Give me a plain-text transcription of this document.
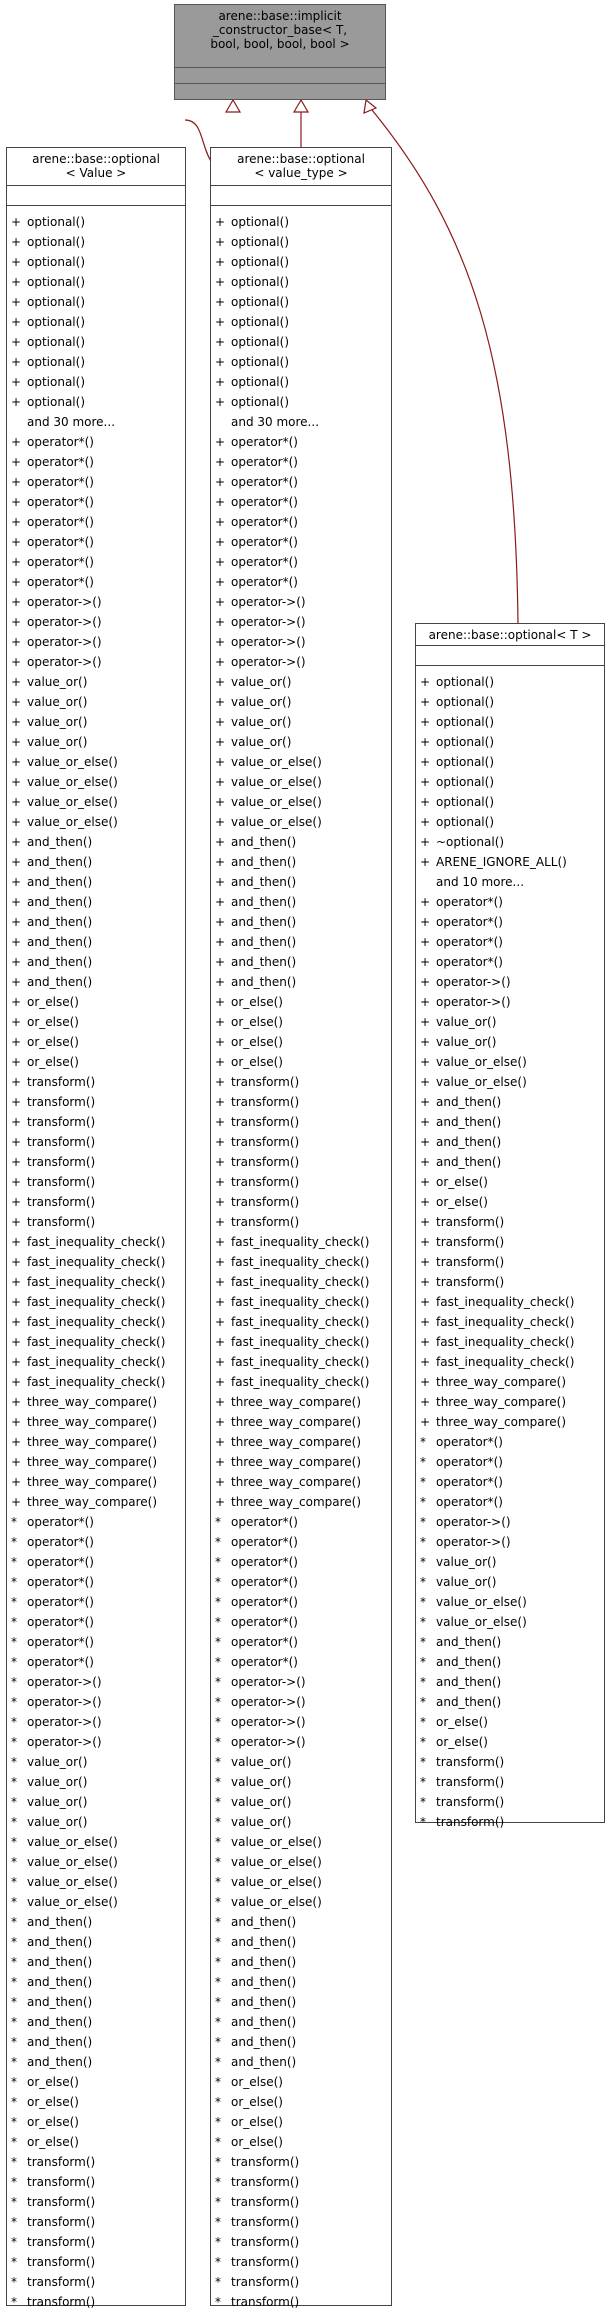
arene::base::implicit
_constructor_base< T,
bool, bool, bool, bool >
arene::base::optional
< Value >
+ optional()
+ optional()
+ optional()
+ optional()
+ optional()
+ optional()
+ optional()
+ optional()
+ optional()
+ optional()
and 30 more...
+ operator*()
+ operator*()
+ operator*()
+ operator*()
+ operator*()
+ operator*()
+ operator*()
+ operator*()
+ operator->()
+ operator->()
+ operator->()
+ operator->()
+ value_or()
+ value_or()
+ value_or()
+ value_or()
+ value_or_else()
+ value_or_else()
+ value_or_else()
+ value_or_else()
+ and_then()
+ and_then()
+ and_then()
+ and_then()
+ and_then()
+ and_then()
+ and_then()
+ and_then()
+ or_else()
+ or_else()
+ or_else()
+ or_else()
+ transform()
+ transform()
+ transform()
+ transform()
+ transform()
+ transform()
+ transform()
+ transform()
+ fast_inequality_check()
+ fast_inequality_check()
+ fast_inequality_check()
+ fast_inequality_check()
+ fast_inequality_check()
+ fast_inequality_check()
+ fast_inequality_check()
+ fast_inequality_check()
+ three_way_compare()
+ three_way_compare()
+ three_way_compare()
+ three_way_compare()
+ three_way_compare()
+ three_way_compare()
* operator*()
* operator*()
* operator*()
* operator*()
* operator*()
* operator*()
* operator*()
* operator*()
* operator->()
* operator->()
* operator->()
* operator->()
* value_or()
* value_or()
* value_or()
* value_or()
* value_or_else()
* value_or_else()
* value_or_else()
* value_or_else()
* and_then()
* and_then()
* and_then()
* and_then()
* and_then()
* and_then()
* and_then()
* and_then()
* or_else()
* or_else()
* or_else()
* or_else()
* transform()
* transform()
* transform()
* transform()
* transform()
* transform()
* transform()
* transform()
arene::base::optional
< value_type >
+ optional()
+ optional()
+ optional()
+ optional()
+ optional()
+ optional()
+ optional()
+ optional()
+ optional()
+ optional()
and 30 more...
+ operator*()
+ operator*()
+ operator*()
+ operator*()
+ operator*()
+ operator*()
+ operator*()
+ operator*()
+ operator->()
+ operator->()
+ operator->()
+ operator->()
+ value_or()
+ value_or()
+ value_or()
+ value_or()
+ value_or_else()
+ value_or_else()
+ value_or_else()
+ value_or_else()
+ and_then()
+ and_then()
+ and_then()
+ and_then()
+ and_then()
+ and_then()
+ and_then()
+ and_then()
+ or_else()
+ or_else()
+ or_else()
+ or_else()
+ transform()
+ transform()
+ transform()
+ transform()
+ transform()
+ transform()
+ transform()
+ transform()
+ fast_inequality_check()
+ fast_inequality_check()
+ fast_inequality_check()
+ fast_inequality_check()
+ fast_inequality_check()
+ fast_inequality_check()
+ fast_inequality_check()
+ fast_inequality_check()
+ three_way_compare()
+ three_way_compare()
+ three_way_compare()
+ three_way_compare()
+ three_way_compare()
+ three_way_compare()
* operator*()
* operator*()
* operator*()
* operator*()
* operator*()
* operator*()
* operator*()
* operator*()
* operator->()
* operator->()
* operator->()
* operator->()
* value_or()
* value_or()
* value_or()
* value_or()
* value_or_else()
* value_or_else()
* value_or_else()
* value_or_else()
* and_then()
* and_then()
* and_then()
* and_then()
* and_then()
* and_then()
* and_then()
* and_then()
* or_else()
* or_else()
* or_else()
* or_else()
* transform()
* transform()
* transform()
* transform()
* transform()
* transform()
* transform()
* transform()
arene::base::optional< T >
+ optional()
+ optional()
+ optional()
+ optional()
+ optional()
+ optional()
+ optional()
+ optional()
+ ~optional()
+ ARENE_IGNORE_ALL()
and 10 more...
+ operator*()
+ operator*()
+ operator*()
+ operator*()
+ operator->()
+ operator->()
+ value_or()
+ value_or()
+ value_or_else()
+ value_or_else()
+ and_then()
+ and_then()
+ and_then()
+ and_then()
+ or_else()
+ or_else()
+ transform()
+ transform()
+ transform()
+ transform()
+ fast_inequality_check()
+ fast_inequality_check()
+ fast_inequality_check()
+ fast_inequality_check()
+ three_way_compare()
+ three_way_compare()
+ three_way_compare()
* operator*()
* operator*()
* operator*()
* operator*()
* operator->()
* operator->()
* value_or()
* value_or()
* value_or_else()
* value_or_else()
* and_then()
* and_then()
* and_then()
* and_then()
* or_else()
* or_else()
* transform()
* transform()
* transform()
* transform()
